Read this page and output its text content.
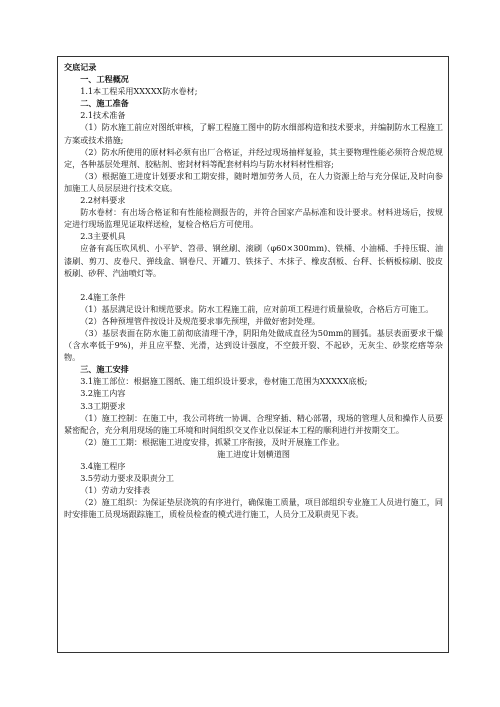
交底记录

一、工程概况

1.1本工程采用XXXXX防水卷材;

二、施工准备

2.1技术准备

（1）防水施工前应对图纸审核，了解工程施工图中的防水细部构造和技术要求，并编制防水工程施工方案或技术措施;

（2）防水所使用的原材料必须有出厂合格证，并经过现场抽样复验，其主要物理性能必须符合规范规定，各种基层处理剂、胶粘剂、密封材料等配套材料均与防水材料材性相容;

（3）根据施工进度计划要求和工期安排，随时增加劳务人员，在人力资源上给与充分保证,及时向参加施工人员层层进行技术交底。

2.2材料要求

防水卷材：有出场合格证和有性能检测报告的，并符合国家产品标准和设计要求。材料进场后，按规定进行现场监理见证取样送检，复检合格后方可使用。

2.3主要机具

应备有高压吹风机、小平铲、笤帚、钢丝刷、滚刷（φ60×300mm)、铁桶、小油桶、手持压辊、油漆刷、剪刀、皮卷尺、弹线盒、钢卷尺、开罐刀、铁抹子、木抹子、橡皮刮板、台秤、长柄板棕刷、胶皮板刷、砂秤、汽油喷灯等。

2.4施工条件

（1）基层满足设计和规范要求。防水工程施工前，应对前项工程进行质量验收，合格后方可施工。

（2）各种预埋管件按设计及规范要求事先预埋，并做好密封处理。

（3）基层表面在防水施工前彻底清理干净，阴阳角处做成直径为50mm的圆弧。基层表面要求干燥（含水率低于9%)，并且应平整、光滑，达到设计强度，不空鼓开裂、不起砂，无灰尘、砂浆疙瘩等杂物。

三、施工安排

3.1施工部位：根据施工图纸、施工组织设计要求，卷材施工范围为XXXXX底板;

3.2施工内容

3.3工期要求

（1）施工控制：在施工中，我公司将统一协调、合理穿插、精心部署，现场的管理人员和操作人员要紧密配合，充分利用现场的施工环境和时间组织交叉作业以保证本工程的顺利进行并按期交工。

（2）施工工期：根据施工进度安排，抓紧工序衔接，及时开展施工作业。

施工进度计划横道图

3.4施工程序

3.5劳动力要求及职责分工

（1）劳动力安排表

（2）施工组织：为保证垫层浇筑的有序进行，确保施工质量，项目部组织专业施工人员进行施工，同时安排施工员现场跟踪施工，质检员检查的模式进行施工，人员分工及职责见下表。
